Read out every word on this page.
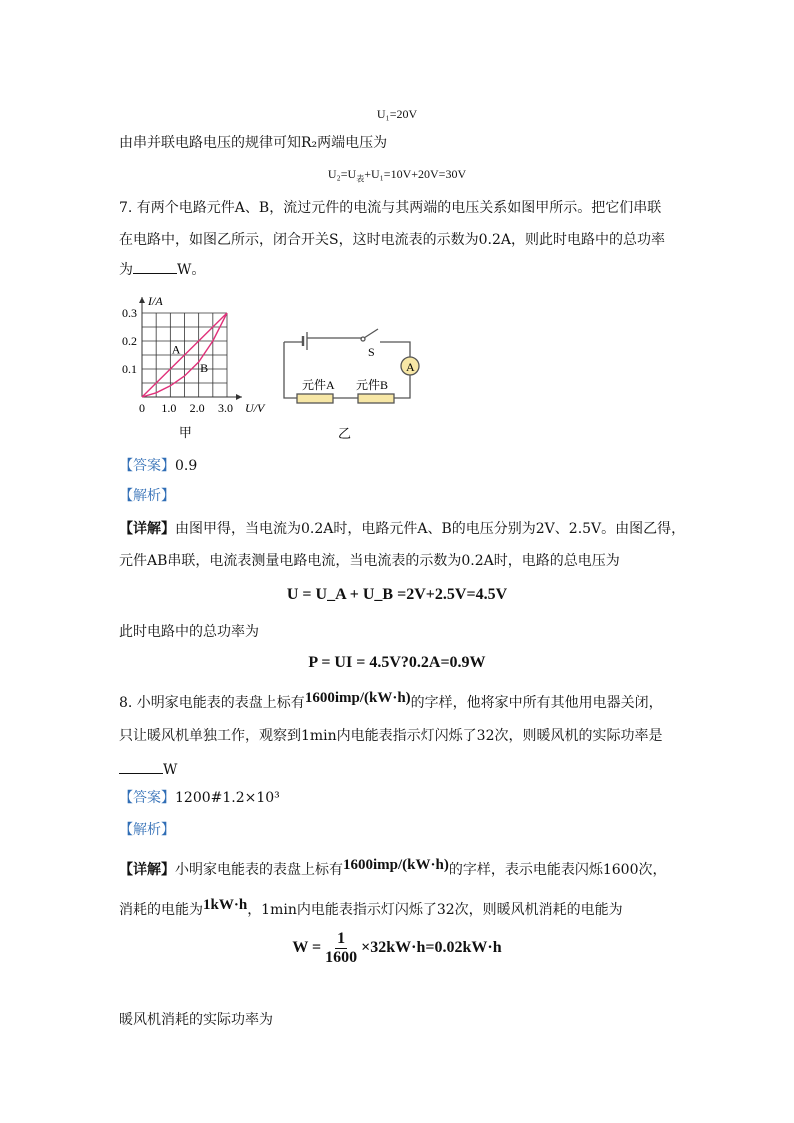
U₁=20V
由串并联电路电压的规律可知R₂两端电压为
$U_2=U_表+U_1=10V+20V=30V$
7. 有两个电路元件A、B，流过元件的电流与其两端的电压关系如图甲所示。把它们串联
在电路中，如图乙所示，闭合开关S，这时电流表的示数为0.2A，则此时电路中的总功率
为	W。
A
B
0 1.0 2.0 3.0
0.1
0.2
0.3
I/A
U/V
甲
S
A
元件A 元件B
乙
【答案】0.9
【解析】
【详解】由图甲得，当电流为0.2A时，电路元件A、B的电压分别为2V、2.5V。由图乙得，
元件AB串联，电流表测量电路电流，当电流表的示数为0.2A时，电路的总电压为
U = U_A + U_B =2V+2.5V=4.5V
此时电路中的总功率为
P = UI = 4.5V?0.2A=0.9W
8. 小明家电能表的表盘上标有1600imp/(kW·h)的字样，他将家中所有其他用电器关闭，
只让暖风机单独工作，观察到1min内电能表指示灯闪烁了32次，则暖风机的实际功率是
W
【答案】1200#1.2×10³
【解析】
【详解】小明家电能表的表盘上标有1600imp/(kW·h)的字样，表示电能表闪烁1600次，
消耗的电能为1kW·h，1min内电能表指示灯闪烁了32次，则暖风机消耗的电能为
$W = \frac{1}{1600} \times 32kW\cdot h=0.02kW\cdot h$
暖风机消耗的实际功率为
